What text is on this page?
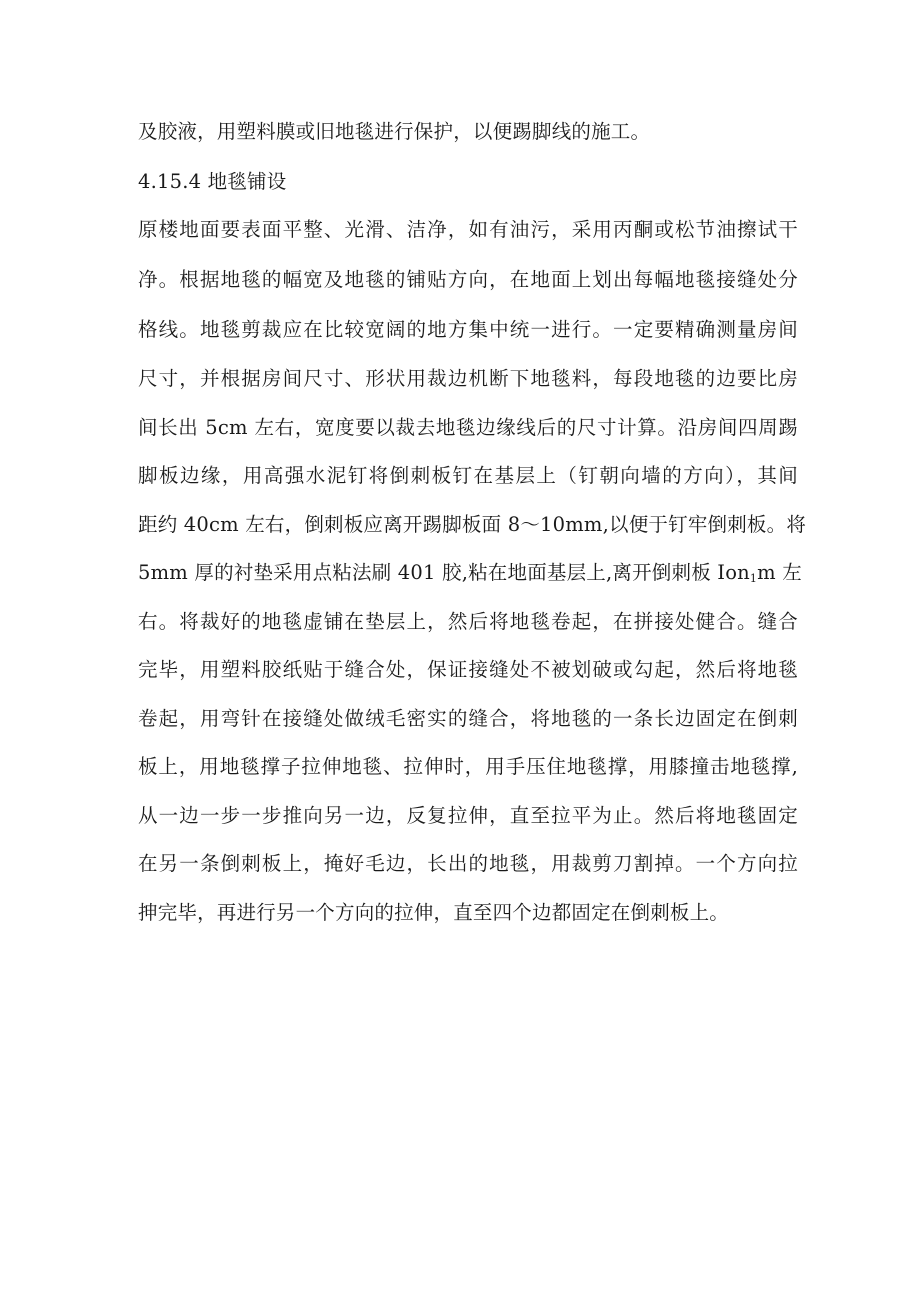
及胶液，用塑料膜或旧地毯进行保护，以便踢脚线的施工。
4.15.4 地毯铺设
原楼地面要表面平整、光滑、洁净，如有油污，采用丙酮或松节油擦试干
净。根据地毯的幅宽及地毯的铺贴方向，在地面上划出每幅地毯接缝处分
格线。地毯剪裁应在比较宽阔的地方集中统一进行。一定要精确测量房间
尺寸，并根据房间尺寸、形状用裁边机断下地毯料，每段地毯的边要比房
间长出 5cm 左右，宽度要以裁去地毯边缘线后的尺寸计算。沿房间四周踢
脚板边缘，用高强水泥钉将倒刺板钉在基层上（钉朝向墙的方向），其间
距约 40cm 左右，倒刺板应离开踢脚板面 8～10mm,以便于钉牢倒刺板。将
5mm 厚的衬垫采用点粘法刷 401 胶,粘在地面基层上,离开倒刺板 Ion$_1$m 左
右。将裁好的地毯虚铺在垫层上，然后将地毯卷起，在拼接处健合。缝合
完毕，用塑料胶纸贴于缝合处，保证接缝处不被划破或勾起，然后将地毯
卷起，用弯针在接缝处做绒毛密实的缝合，将地毯的一条长边固定在倒刺
板上，用地毯撑子拉伸地毯、拉伸时，用手压住地毯撑，用膝撞击地毯撑,
从一边一步一步推向另一边，反复拉伸，直至拉平为止。然后将地毯固定
在另一条倒刺板上，掩好毛边，长出的地毯，用裁剪刀割掉。一个方向拉
抻完毕，再进行另一个方向的拉伸，直至四个边都固定在倒刺板上。
